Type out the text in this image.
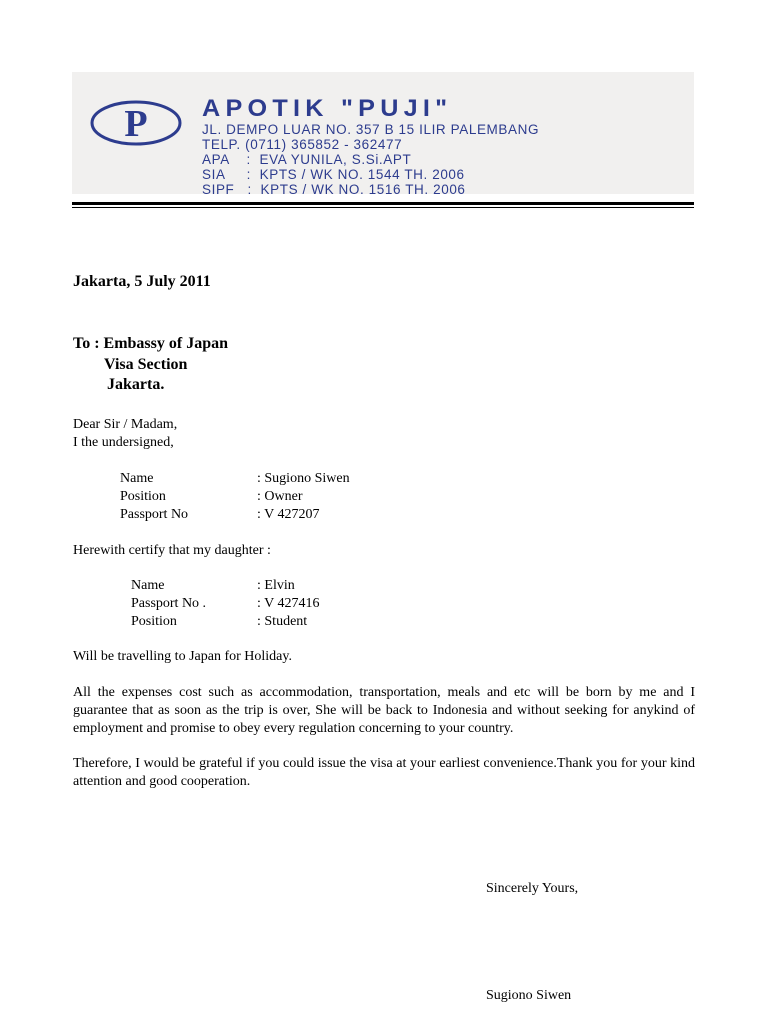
P APOTIK "PUJI"
JL. DEMPO LUAR NO. 357 B 15 ILIR PALEMBANG
TELP. (0711) 365852 - 362477
APA    :  EVA YUNILA, S.Si.APT
SIA     :  KPTS / WK NO. 1544 TH. 2006
SIPF   :  KPTS / WK NO. 1516 TH. 2006
Jakarta, 5 July 2011
To : Embassy of Japan
Visa Section
Jakarta.
Dear Sir / Madam,
I the undersigned,
Name	: Sugiono Siwen
Position	: Owner
Passport No	: V 427207
Herewith certify that my daughter :
Name	: Elvin
Passport No .	: V 427416
Position	: Student
Will be travelling to Japan for Holiday.
All the expenses cost such as accommodation, transportation, meals and etc will be born by me and I guarantee that as soon as the trip is over, She will be back to Indonesia and without seeking for anykind of employment and promise to obey every regulation concerning to your country.
Therefore, I would be grateful if you could issue the visa at your earliest convenience.Thank you for your kind attention and good cooperation.
Sincerely Yours,
Sugiono Siwen
